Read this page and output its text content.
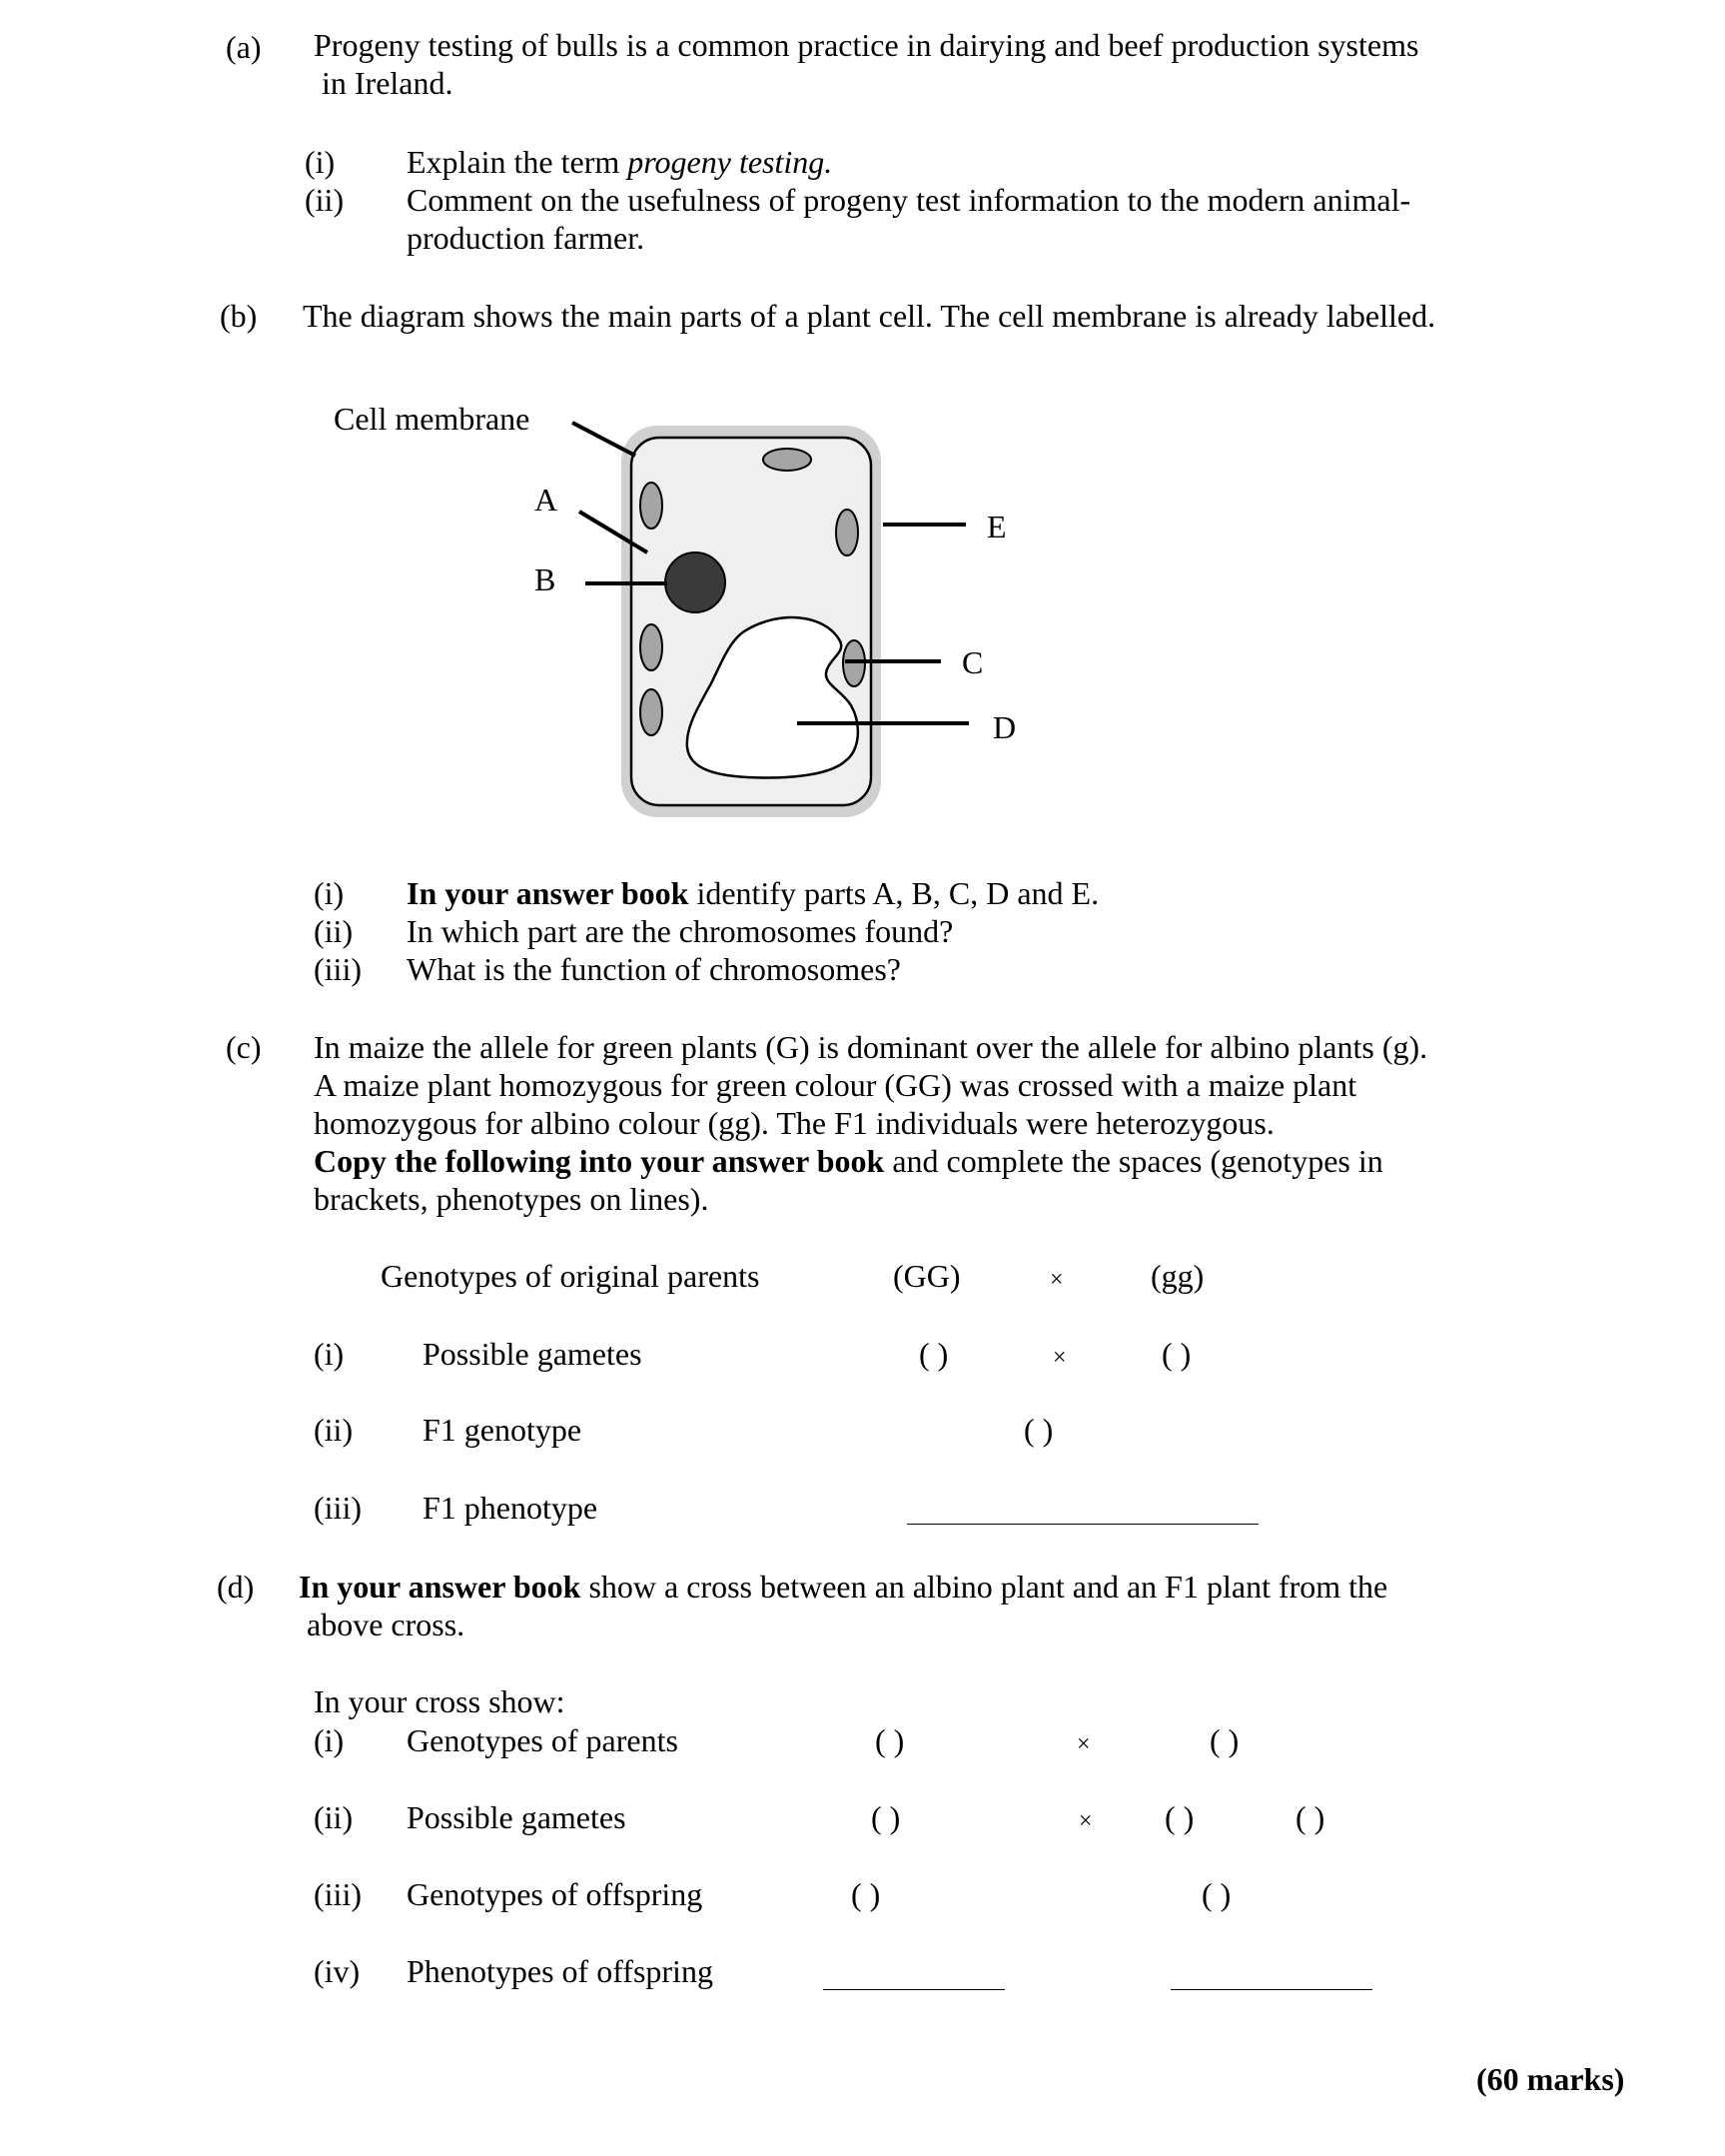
(a) Progeny testing of bulls is a common practice in dairying and beef production systems
in Ireland.
(i) Explain the term progeny testing.
(ii) Comment on the usefulness of progeny test information to the modern animal-
production farmer.
(b) The diagram shows the main parts of a plant cell. The cell membrane is already labelled.
Cell membrane
A
B
E
C
D
(i) In your answer book identify parts A, B, C, D and E.
(ii) In which part are the chromosomes found?
(iii) What is the function of chromosomes?
(c) In maize the allele for green plants (G) is dominant over the allele for albino plants (g).
A maize plant homozygous for green colour (GG) was crossed with a maize plant
homozygous for albino colour (gg). The F1 individuals were heterozygous.
Copy the following into your answer book and complete the spaces (genotypes in
brackets, phenotypes on lines).
Genotypes of original parents	(GG)	×	(gg)
(i) Possible gametes	( )	×	( )
(ii) F1 genotype	( )
(iii) F1 phenotype
(d) In your answer book show a cross between an albino plant and an F1 plant from the
above cross.
In your cross show:
(i) Genotypes of parents	( )	×	( )
(ii) Possible gametes	( )	× ( )	( )
(iii) Genotypes of offspring	( )	( )
(iv) Phenotypes of offspring
(60 marks)
